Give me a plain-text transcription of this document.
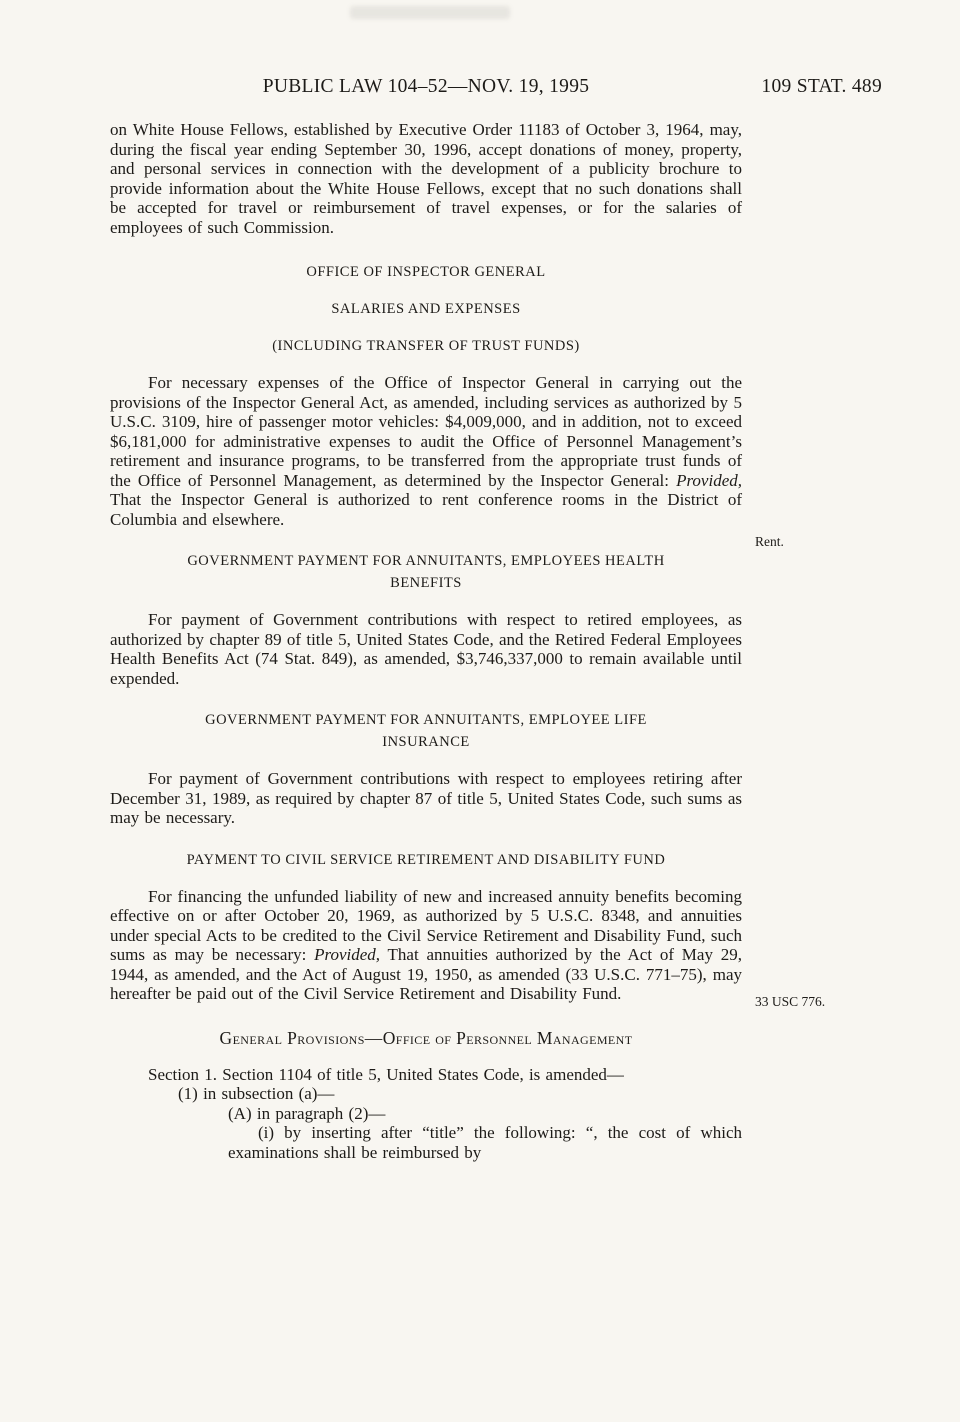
PUBLIC LAW 104–52—NOV. 19, 1995	109 STAT. 489

on White House Fellows, established by Executive Order 11183 of October 3, 1964, may, during the fiscal year ending September 30, 1996, accept donations of money, property, and personal services in connection with the development of a publicity brochure to provide information about the White House Fellows, except that no such donations shall be accepted for travel or reimbursement of travel expenses, or for the salaries of employees of such Commission.

OFFICE OF INSPECTOR GENERAL
SALARIES AND EXPENSES
(INCLUDING TRANSFER OF TRUST FUNDS)

For necessary expenses of the Office of Inspector General in carrying out the provisions of the Inspector General Act, as amended, including services as authorized by 5 U.S.C. 3109, hire of passenger motor vehicles: $4,009,000, and in addition, not to exceed $6,181,000 for administrative expenses to audit the Office of Personnel Management’s retirement and insurance programs, to be transferred from the appropriate trust funds of the Office of Personnel Management, as determined by the Inspector General: Provided, That the Inspector General is authorized to rent conference rooms in the District of Columbia and elsewhere.

GOVERNMENT PAYMENT FOR ANNUITANTS, EMPLOYEES HEALTH
BENEFITS

For payment of Government contributions with respect to retired employees, as authorized by chapter 89 of title 5, United States Code, and the Retired Federal Employees Health Benefits Act (74 Stat. 849), as amended, $3,746,337,000 to remain available until expended.

GOVERNMENT PAYMENT FOR ANNUITANTS, EMPLOYEE LIFE
INSURANCE

For payment of Government contributions with respect to employees retiring after December 31, 1989, as required by chapter 87 of title 5, United States Code, such sums as may be necessary.

PAYMENT TO CIVIL SERVICE RETIREMENT AND DISABILITY FUND

For financing the unfunded liability of new and increased annuity benefits becoming effective on or after October 20, 1969, as authorized by 5 U.S.C. 8348, and annuities under special Acts to be credited to the Civil Service Retirement and Disability Fund, such sums as may be necessary: Provided, That annuities authorized by the Act of May 29, 1944, as amended, and the Act of August 19, 1950, as amended (33 U.S.C. 771–75), may hereafter be paid out of the Civil Service Retirement and Disability Fund.

General Provisions—Office of Personnel Management

Section 1. Section 1104 of title 5, United States Code, is amended—

(1) in subsection (a)—

(A) in paragraph (2)—

(i) by inserting after “title” the following: “, the cost of which examinations shall be reimbursed by

Rent.
33 USC 776.
